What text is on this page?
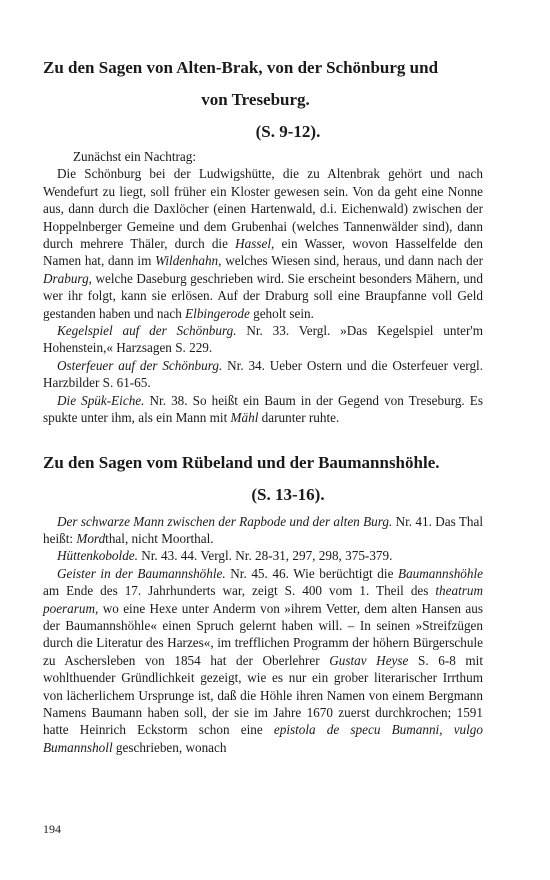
Zu den Sagen von Alten-Brak, von der Schönburg und
von Treseburg.
(S. 9-12).

Zunächst ein Nachtrag:

Die Schönburg bei der Ludwigshütte, die zu Altenbrak gehört und nach Wendefurt zu liegt, soll früher ein Kloster gewesen sein. Von da geht eine Nonne aus, dann durch die Daxlöcher (einen Hartenwald, d.i. Eichenwald) zwischen der Hoppelnberger Gemeine und dem Grubenhai (welches Tannenwälder sind), dann durch mehrere Thäler, durch die Hassel, ein Wasser, wovon Hasselfelde den Namen hat, dann im Wildenhahn, welches Wiesen sind, heraus, und dann nach der Draburg, welche Daseburg geschrieben wird. Sie erscheint besonders Mähern, und wer ihr folgt, kann sie erlösen. Auf der Draburg soll eine Braupfanne voll Geld gestanden haben und nach Elbingerode geholt sein.

Kegelspiel auf der Schönburg. Nr. 33. Vergl. »Das Kegelspiel unter'm Hohenstein,« Harzsagen S. 229.

Osterfeuer auf der Schönburg. Nr. 34. Ueber Ostern und die Osterfeuer vergl. Harzbilder S. 61-65.

Die Spük-Eiche. Nr. 38. So heißt ein Baum in der Gegend von Treseburg. Es spukte unter ihm, als ein Mann mit Mähl darunter ruhte.

Zu den Sagen vom Rübeland und der Baumannshöhle.
(S. 13-16).

Der schwarze Mann zwischen der Rapbode und der alten Burg. Nr. 41. Das Thal heißt: Mordthal, nicht Moorthal.

Hüttenkobolde. Nr. 43. 44. Vergl. Nr. 28-31, 297, 298, 375-379.

Geister in der Baumannshöhle. Nr. 45. 46. Wie berüchtigt die Baumannshöhle am Ende des 17. Jahrhunderts war, zeigt S. 400 vom 1. Theil des theatrum poerarum, wo eine Hexe unter Anderm von »ihrem Vetter, dem alten Hansen aus der Baumannshöhle« einen Spruch gelernt haben will. – In seinen »Streifzügen durch die Literatur des Harzes«, im trefflichen Programm der höhern Bürgerschule zu Aschersleben von 1854 hat der Oberlehrer Gustav Heyse S. 6-8 mit wohlthuender Gründlichkeit gezeigt, wie es nur ein grober literarischer Irrthum von lächerlichem Ursprunge ist, daß die Höhle ihren Namen von einem Bergmann Namens Baumann haben soll, der sie im Jahre 1670 zuerst durchkrochen; 1591 hatte Heinrich Eckstorm schon eine epistola de specu Bumanni, vulgo Bumannsholl geschrieben, wonach

194
